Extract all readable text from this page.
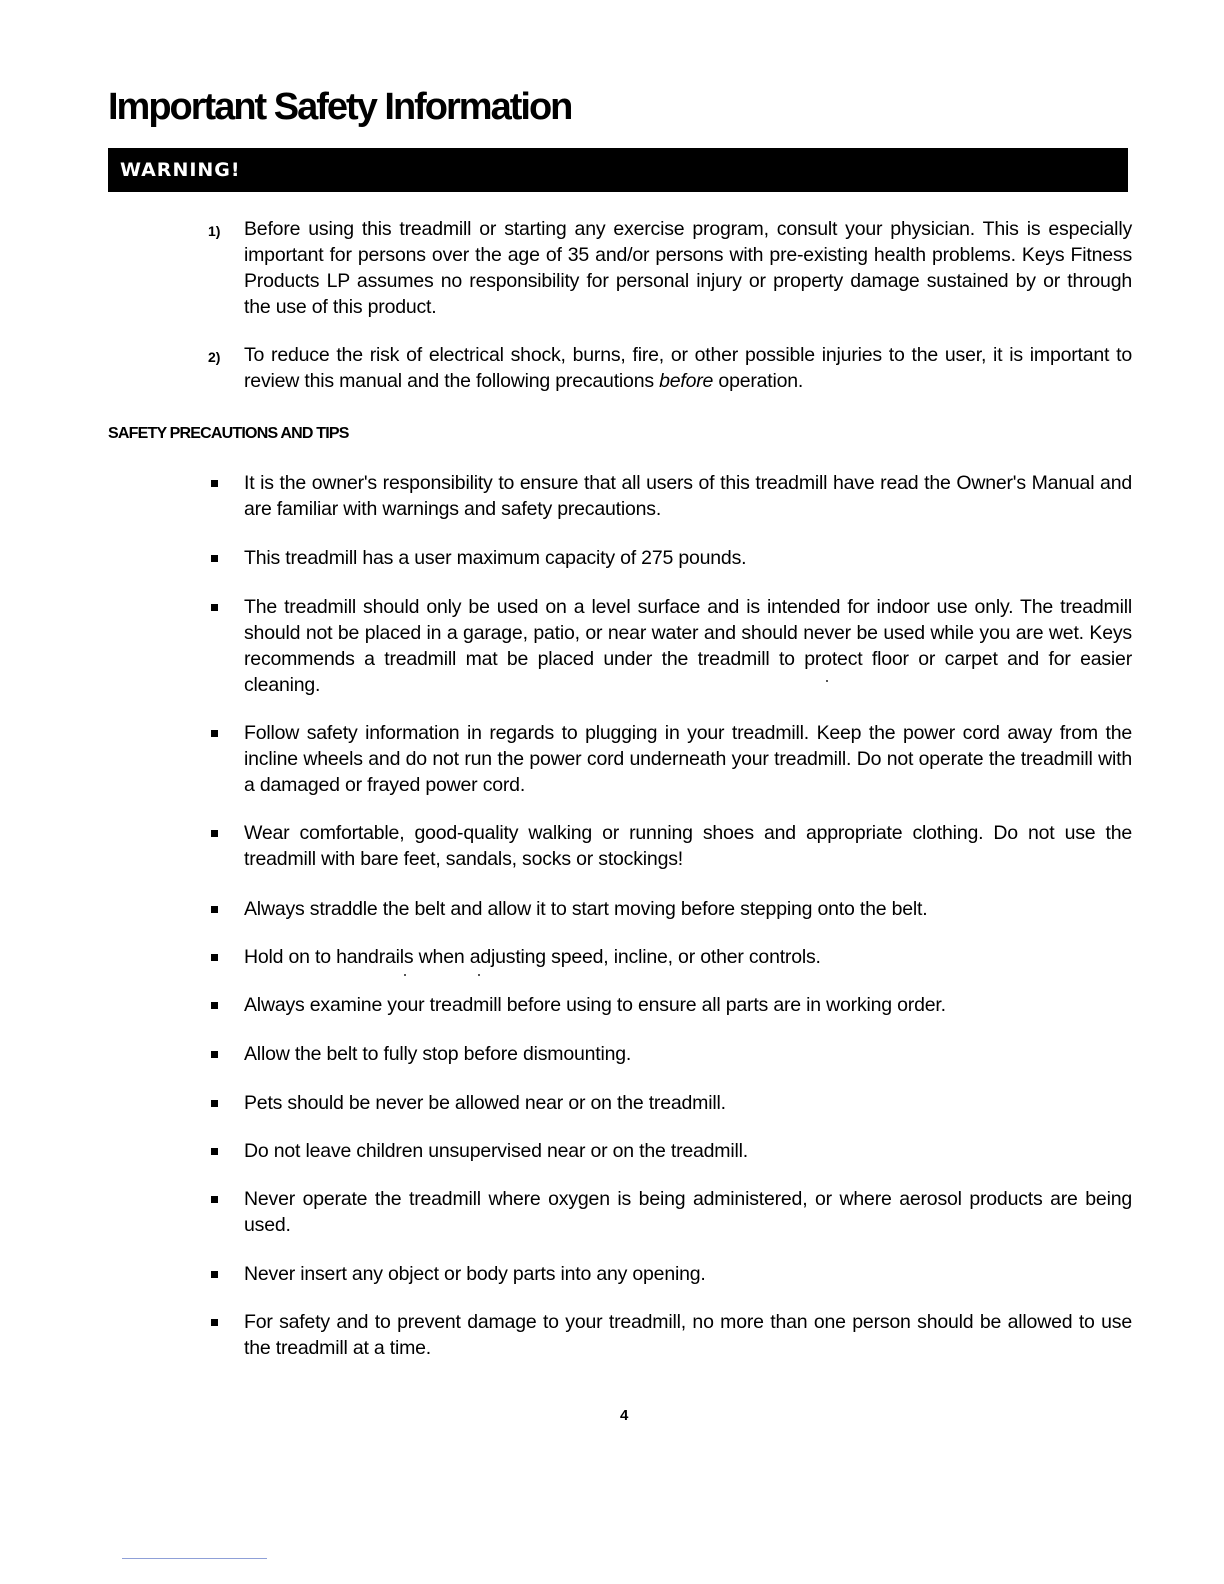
Important Safety Information
WARNING!
1) Before using this treadmill or starting any exercise program, consult your physician. This is especially important for persons over the age of 35 and/or persons with pre-existing health problems. Keys Fitness Products LP assumes no responsibility for personal injury or property damage sustained by or through the use of this product.

2) To reduce the risk of electrical shock, burns, fire, or other possible injuries to the user, it is important to review this manual and the following precautions before operation.

SAFETY PRECAUTIONS AND TIPS

It is the owner's responsibility to ensure that all users of this treadmill have read the Owner's Manual and are familiar with warnings and safety precautions.

This treadmill has a user maximum capacity of 275 pounds.

The treadmill should only be used on a level surface and is intended for indoor use only. The treadmill should not be placed in a garage, patio, or near water and should never be used while you are wet. Keys recommends a treadmill mat be placed under the treadmill to protect floor or carpet and for easier cleaning.

Follow safety information in regards to plugging in your treadmill. Keep the power cord away from the incline wheels and do not run the power cord underneath your treadmill. Do not operate the treadmill with a damaged or frayed power cord.

Wear comfortable, good-quality walking or running shoes and appropriate clothing. Do not use the treadmill with bare feet, sandals, socks or stockings!

Always straddle the belt and allow it to start moving before stepping onto the belt.

Hold on to handrails when adjusting speed, incline, or other controls.

Always examine your treadmill before using to ensure all parts are in working order.

Allow the belt to fully stop before dismounting.

Pets should be never be allowed near or on the treadmill.

Do not leave children unsupervised near or on the treadmill.

Never operate the treadmill where oxygen is being administered, or where aerosol products are being used.

Never insert any object or body parts into any opening.

For safety and to prevent damage to your treadmill, no more than one person should be allowed to use the treadmill at a time.

4
